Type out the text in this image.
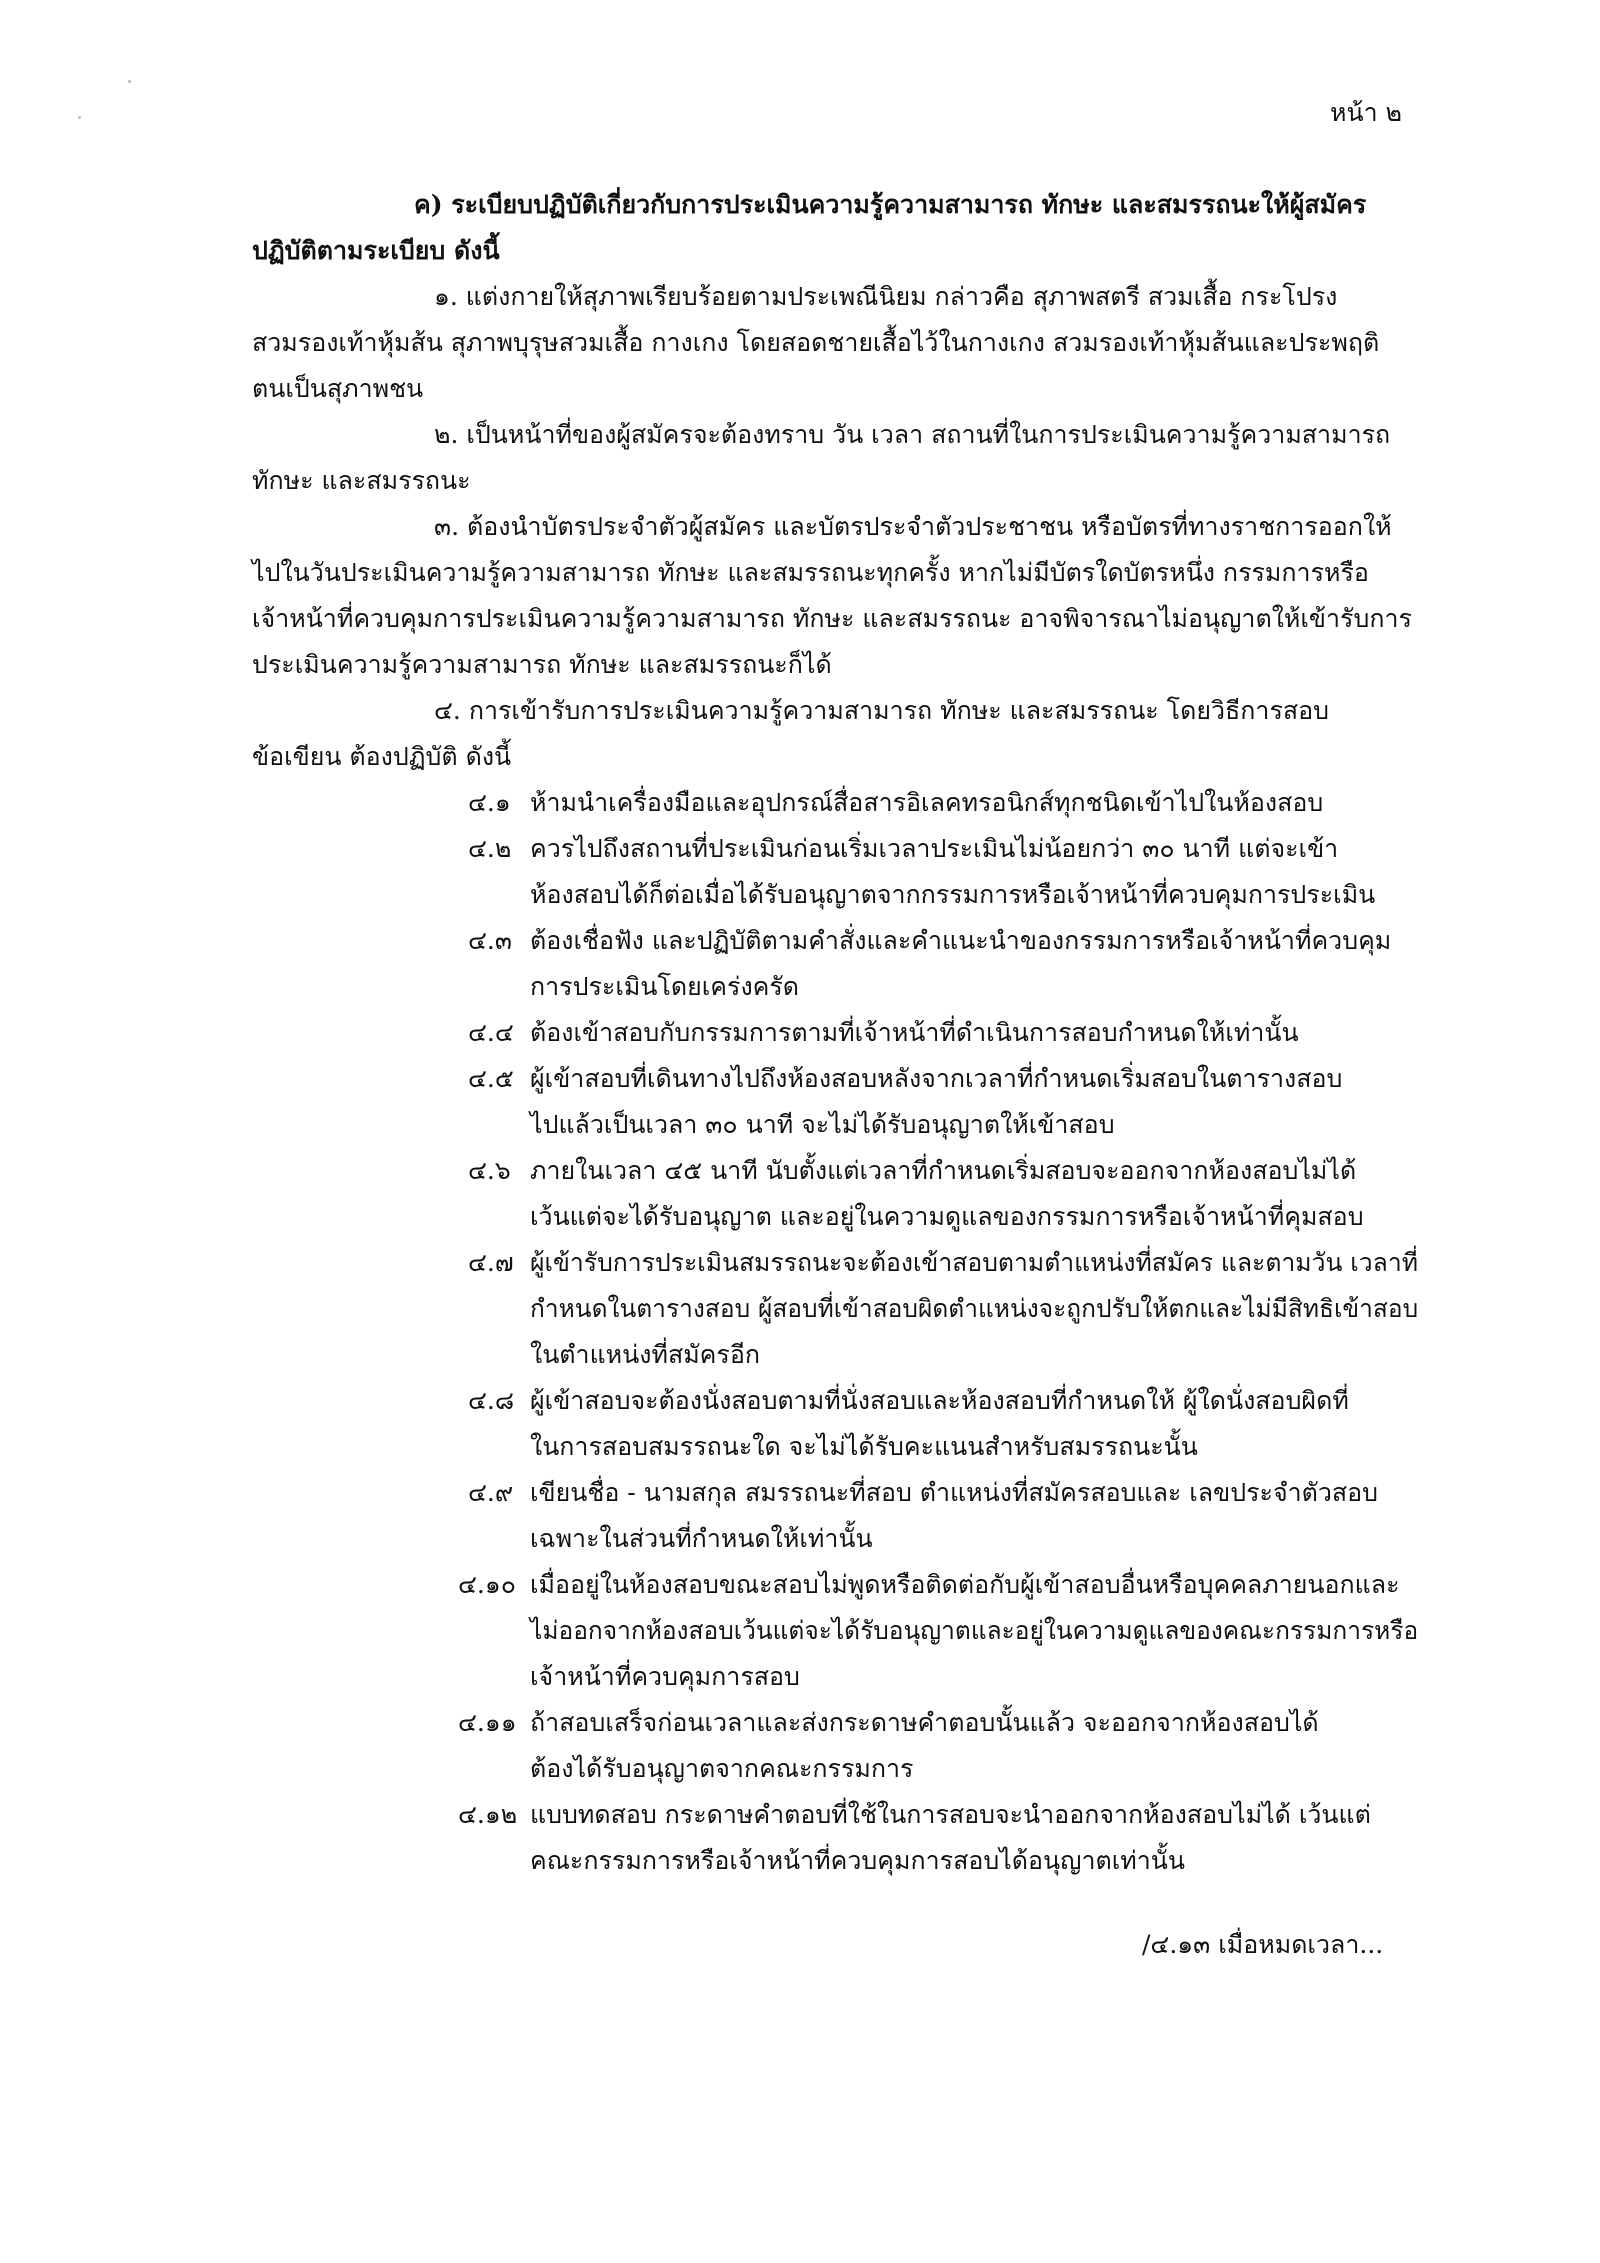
หน้า ๒
ค) ระเบียบปฏิบัติเกี่ยวกับการประเมินความรู้ความสามารถ ทักษะ และสมรรถนะให้ผู้สมัคร
ปฏิบัติตามระเบียบ ดังนี้
๑. แต่งกายให้สุภาพเรียบร้อยตามประเพณีนิยม กล่าวคือ สุภาพสตรี สวมเสื้อ กระโปรง
สวมรองเท้าหุ้มส้น สุภาพบุรุษสวมเสื้อ กางเกง โดยสอดชายเสื้อไว้ในกางเกง สวมรองเท้าหุ้มส้นและประพฤติ
ตนเป็นสุภาพชน
๒. เป็นหน้าที่ของผู้สมัครจะต้องทราบ วัน เวลา สถานที่ในการประเมินความรู้ความสามารถ
ทักษะ และสมรรถนะ
๓. ต้องนำบัตรประจำตัวผู้สมัคร และบัตรประจำตัวประชาชน หรือบัตรที่ทางราชการออกให้
ไปในวันประเมินความรู้ความสามารถ ทักษะ และสมรรถนะทุกครั้ง หากไม่มีบัตรใดบัตรหนึ่ง กรรมการหรือ
เจ้าหน้าที่ควบคุมการประเมินความรู้ความสามารถ ทักษะ และสมรรถนะ อาจพิจารณาไม่อนุญาตให้เข้ารับการ
ประเมินความรู้ความสามารถ ทักษะ และสมรรถนะก็ได้
๔. การเข้ารับการประเมินความรู้ความสามารถ ทักษะ และสมรรถนะ โดยวิธีการสอบ
ข้อเขียน ต้องปฏิบัติ ดังนี้
๔.๑ ห้ามนำเครื่องมือและอุปกรณ์สื่อสารอิเลคทรอนิกส์ทุกชนิดเข้าไปในห้องสอบ
๔.๒ ควรไปถึงสถานที่ประเมินก่อนเริ่มเวลาประเมินไม่น้อยกว่า ๓๐ นาที แต่จะเข้า
ห้องสอบได้ก็ต่อเมื่อได้รับอนุญาตจากกรรมการหรือเจ้าหน้าที่ควบคุมการประเมิน
๔.๓ ต้องเชื่อฟัง และปฏิบัติตามคำสั่งและคำแนะนำของกรรมการหรือเจ้าหน้าที่ควบคุม
การประเมินโดยเคร่งครัด
๔.๔ ต้องเข้าสอบกับกรรมการตามที่เจ้าหน้าที่ดำเนินการสอบกำหนดให้เท่านั้น
๔.๕ ผู้เข้าสอบที่เดินทางไปถึงห้องสอบหลังจากเวลาที่กำหนดเริ่มสอบในตารางสอบ
ไปแล้วเป็นเวลา ๓๐ นาที จะไม่ได้รับอนุญาตให้เข้าสอบ
๔.๖ ภายในเวลา ๔๕ นาที นับตั้งแต่เวลาที่กำหนดเริ่มสอบจะออกจากห้องสอบไม่ได้
เว้นแต่จะได้รับอนุญาต และอยู่ในความดูแลของกรรมการหรือเจ้าหน้าที่คุมสอบ
๔.๗ ผู้เข้ารับการประเมินสมรรถนะจะต้องเข้าสอบตามตำแหน่งที่สมัคร และตามวัน เวลาที่
กำหนดในตารางสอบ ผู้สอบที่เข้าสอบผิดตำแหน่งจะถูกปรับให้ตกและไม่มีสิทธิเข้าสอบ
ในตำแหน่งที่สมัครอีก
๔.๘ ผู้เข้าสอบจะต้องนั่งสอบตามที่นั่งสอบและห้องสอบที่กำหนดให้ ผู้ใดนั่งสอบผิดที่
ในการสอบสมรรถนะใด จะไม่ได้รับคะแนนสำหรับสมรรถนะนั้น
๔.๙ เขียนชื่อ - นามสกุล สมรรถนะที่สอบ ตำแหน่งที่สมัครสอบและ เลขประจำตัวสอบ
เฉพาะในส่วนที่กำหนดให้เท่านั้น
๔.๑๐ เมื่ออยู่ในห้องสอบขณะสอบไม่พูดหรือติดต่อกับผู้เข้าสอบอื่นหรือบุคคลภายนอกและ
ไม่ออกจากห้องสอบเว้นแต่จะได้รับอนุญาตและอยู่ในความดูแลของคณะกรรมการหรือ
เจ้าหน้าที่ควบคุมการสอบ
๔.๑๑ ถ้าสอบเสร็จก่อนเวลาและส่งกระดาษคำตอบนั้นแล้ว จะออกจากห้องสอบได้
ต้องได้รับอนุญาตจากคณะกรรมการ
๔.๑๒ แบบทดสอบ กระดาษคำตอบที่ใช้ในการสอบจะนำออกจากห้องสอบไม่ได้ เว้นแต่
คณะกรรมการหรือเจ้าหน้าที่ควบคุมการสอบได้อนุญาตเท่านั้น
/๔.๑๓ เมื่อหมดเวลา...
